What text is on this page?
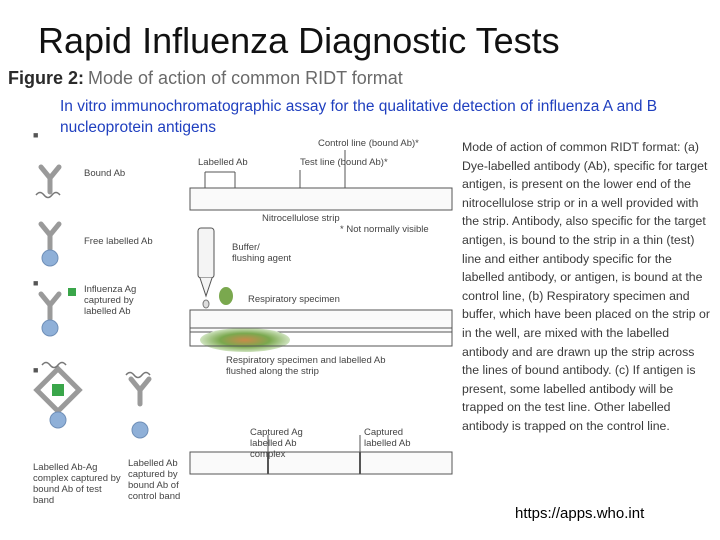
Rapid Influenza Diagnostic Tests
Figure 2: Mode of action of common RIDT format
In vitro immunochromatographic assay for the qualitative detection of influenza A and B nucleoprotein antigens
■
■
■
Bound Ab
Free labelled Ab
Influenza Ag captured by labelled Ab
Labelled Ab-Ag complex captured by bound Ab of test band
Labelled Ab captured by bound Ab of control band
Control line (bound Ab)*
Labelled Ab	Test line (bound Ab)*
Nitrocellulose strip
* Not normally visible
Buffer/ flushing agent
Respiratory specimen
Respiratory specimen and labelled Ab flushed along the strip
Captured Ag labelled Ab complex
Captured labelled Ab
Mode of action of common RIDT format: (a) Dye-labelled antibody (Ab), specific for target antigen, is present on the lower end of the nitrocellulose strip or in a well provided with the strip. Antibody, also specific for the target antigen, is bound to the strip in a thin (test) line and either antibody specific for the labelled antibody, or antigen, is bound at the control line, (b) Respiratory specimen and buffer, which have been placed on the strip or in the well, are mixed with the labelled antibody and are drawn up the strip across the lines of bound antibody. (c) If antigen is present, some labelled antibody will be trapped on the test line. Other labelled antibody is trapped on the control line.
https://apps.who.int
